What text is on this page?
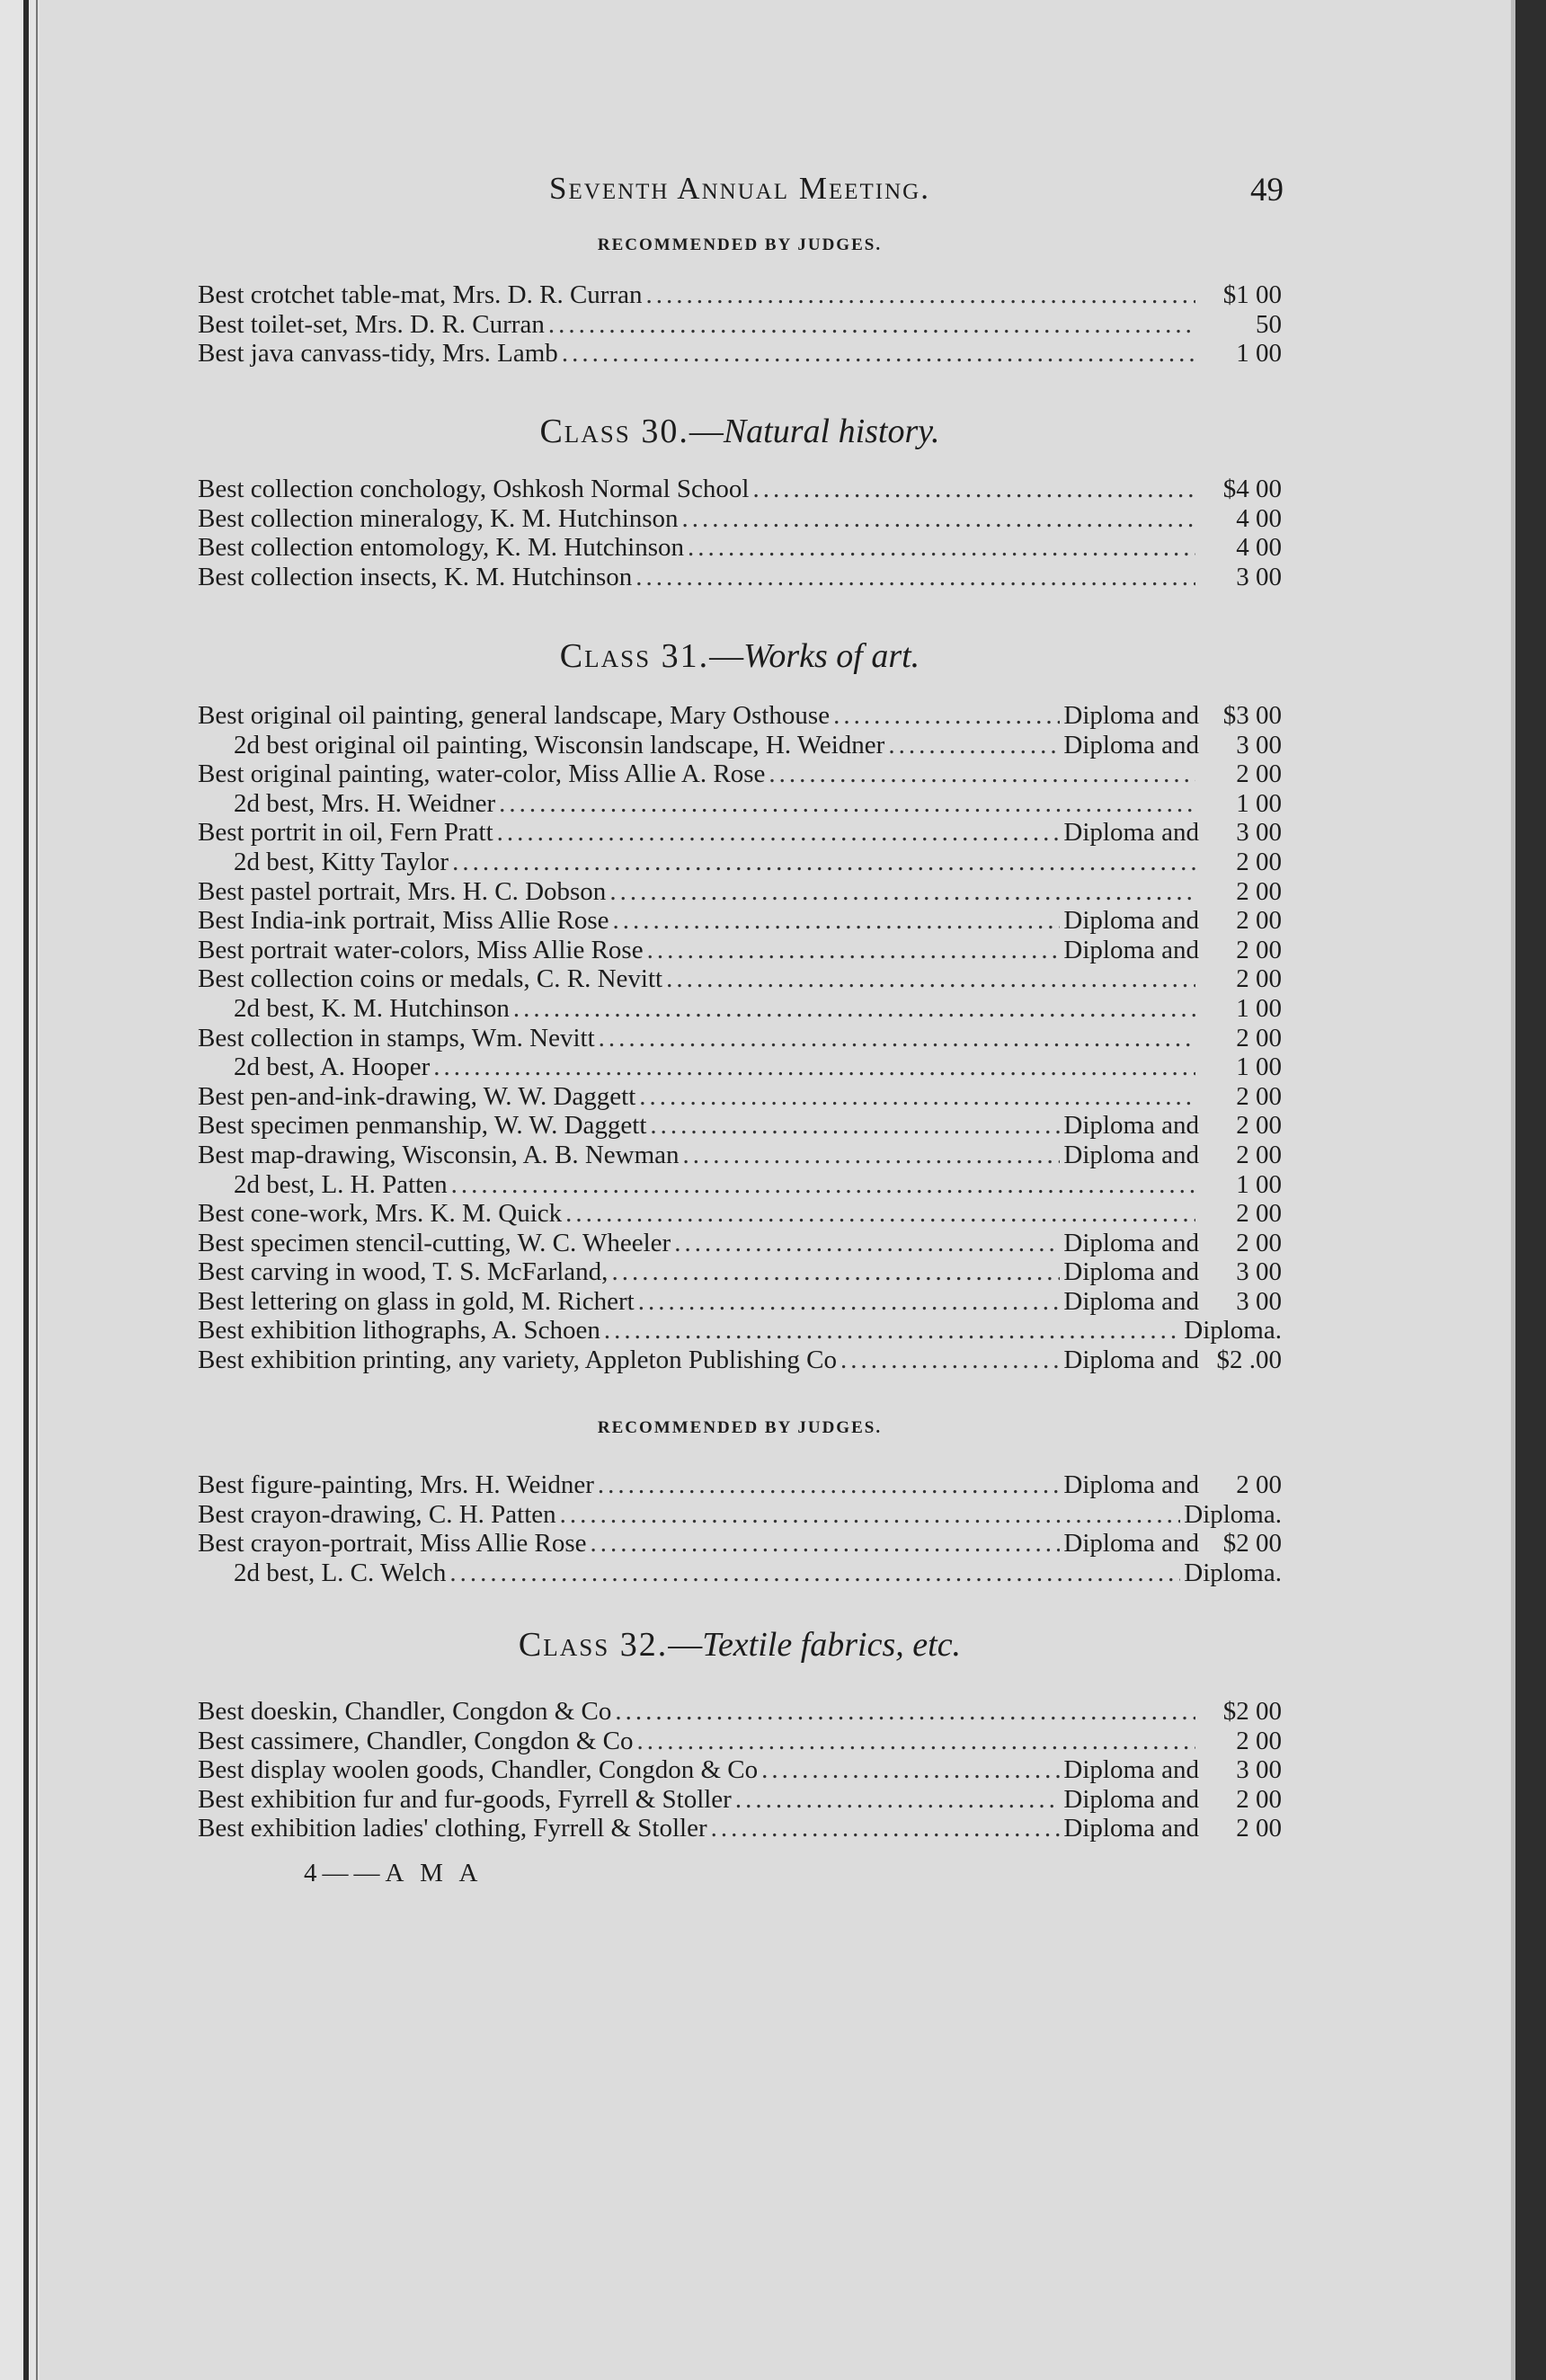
Seventh Annual Meeting.	49
RECOMMENDED BY JUDGES.
Best crotchet table-mat, Mrs. D. R. Curran .....	$1 00
Best toilet-set, Mrs. D. R. Curran .....	50
Best java canvass-tidy, Mrs. Lamb .....	1 00
Class 30.—Natural history.
Best collection conchology, Oshkosh Normal School .....	$4 00
Best collection mineralogy, K. M. Hutchinson .....	4 00
Best collection entomology, K. M. Hutchinson .....	4 00
Best collection insects, K. M. Hutchinson .....	3 00
Class 31.—Works of art.
Best original oil painting, general landscape, Mary Osthouse .....	Diploma and $3 00
2d best original oil painting, Wisconsin landscape, H. Weidner .....	Diploma and 3 00
Best original painting, water-color, Miss Allie A. Rose .....	2 00
2d best, Mrs. H. Weidner .....	1 00
Best portrit in oil, Fern Pratt .....	Diploma and 3 00
2d best, Kitty Taylor .....	2 00
Best pastel portrait, Mrs. H. C. Dobson .....	2 00
Best India-ink portrait, Miss Allie Rose .....	Diploma and 2 00
Best portrait water-colors, Miss Allie Rose .....	Diploma and 2 00
Best collection coins or medals, C. R. Nevitt .....	2 00
2d best, K. M. Hutchinson .....	1 00
Best collection in stamps, Wm. Nevitt .....	2 00
2d best, A. Hooper .....	1 00
Best pen-and-ink-drawing, W. W. Daggett .....	2 00
Best specimen penmanship, W. W. Daggett .....	Diploma and 2 00
Best map-drawing, Wisconsin, A. B. Newman .....	Diploma and 2 00
2d best, L. H. Patten .....	1 00
Best cone-work, Mrs. K. M. Quick .....	2 00
Best specimen stencil-cutting, W. C. Wheeler .....	Diploma and 2 00
Best carving in wood, T. S. McFarland, .....	Diploma and 3 00
Best lettering on glass in gold, M. Richert .....	Diploma and 3 00
Best exhibition lithographs, A. Schoen .....	Diploma.
Best exhibition printing, any variety, Appleton Publishing Co .....	Diploma and $2 .00
RECOMMENDED BY JUDGES.
Best figure-painting, Mrs. H. Weidner .....	Diploma and 2 00
Best crayon-drawing, C. H. Patten .....	Diploma.
Best crayon-portrait, Miss Allie Rose .....	Diploma and $2 00
2d best, L. C. Welch .....	Diploma.
Class 32.—Textile fabrics, etc.
Best doeskin, Chandler, Congdon & Co .....	$2 00
Best cassimere, Chandler, Congdon & Co .....	2 00
Best display woolen goods, Chandler, Congdon & Co .....	Diploma and 3 00
Best exhibition fur and fur-goods, Fyrrell & Stoller .....	Diploma and 2 00
Best exhibition ladies' clothing, Fyrrell & Stoller .....	Diploma and 2 00
4——A M A
